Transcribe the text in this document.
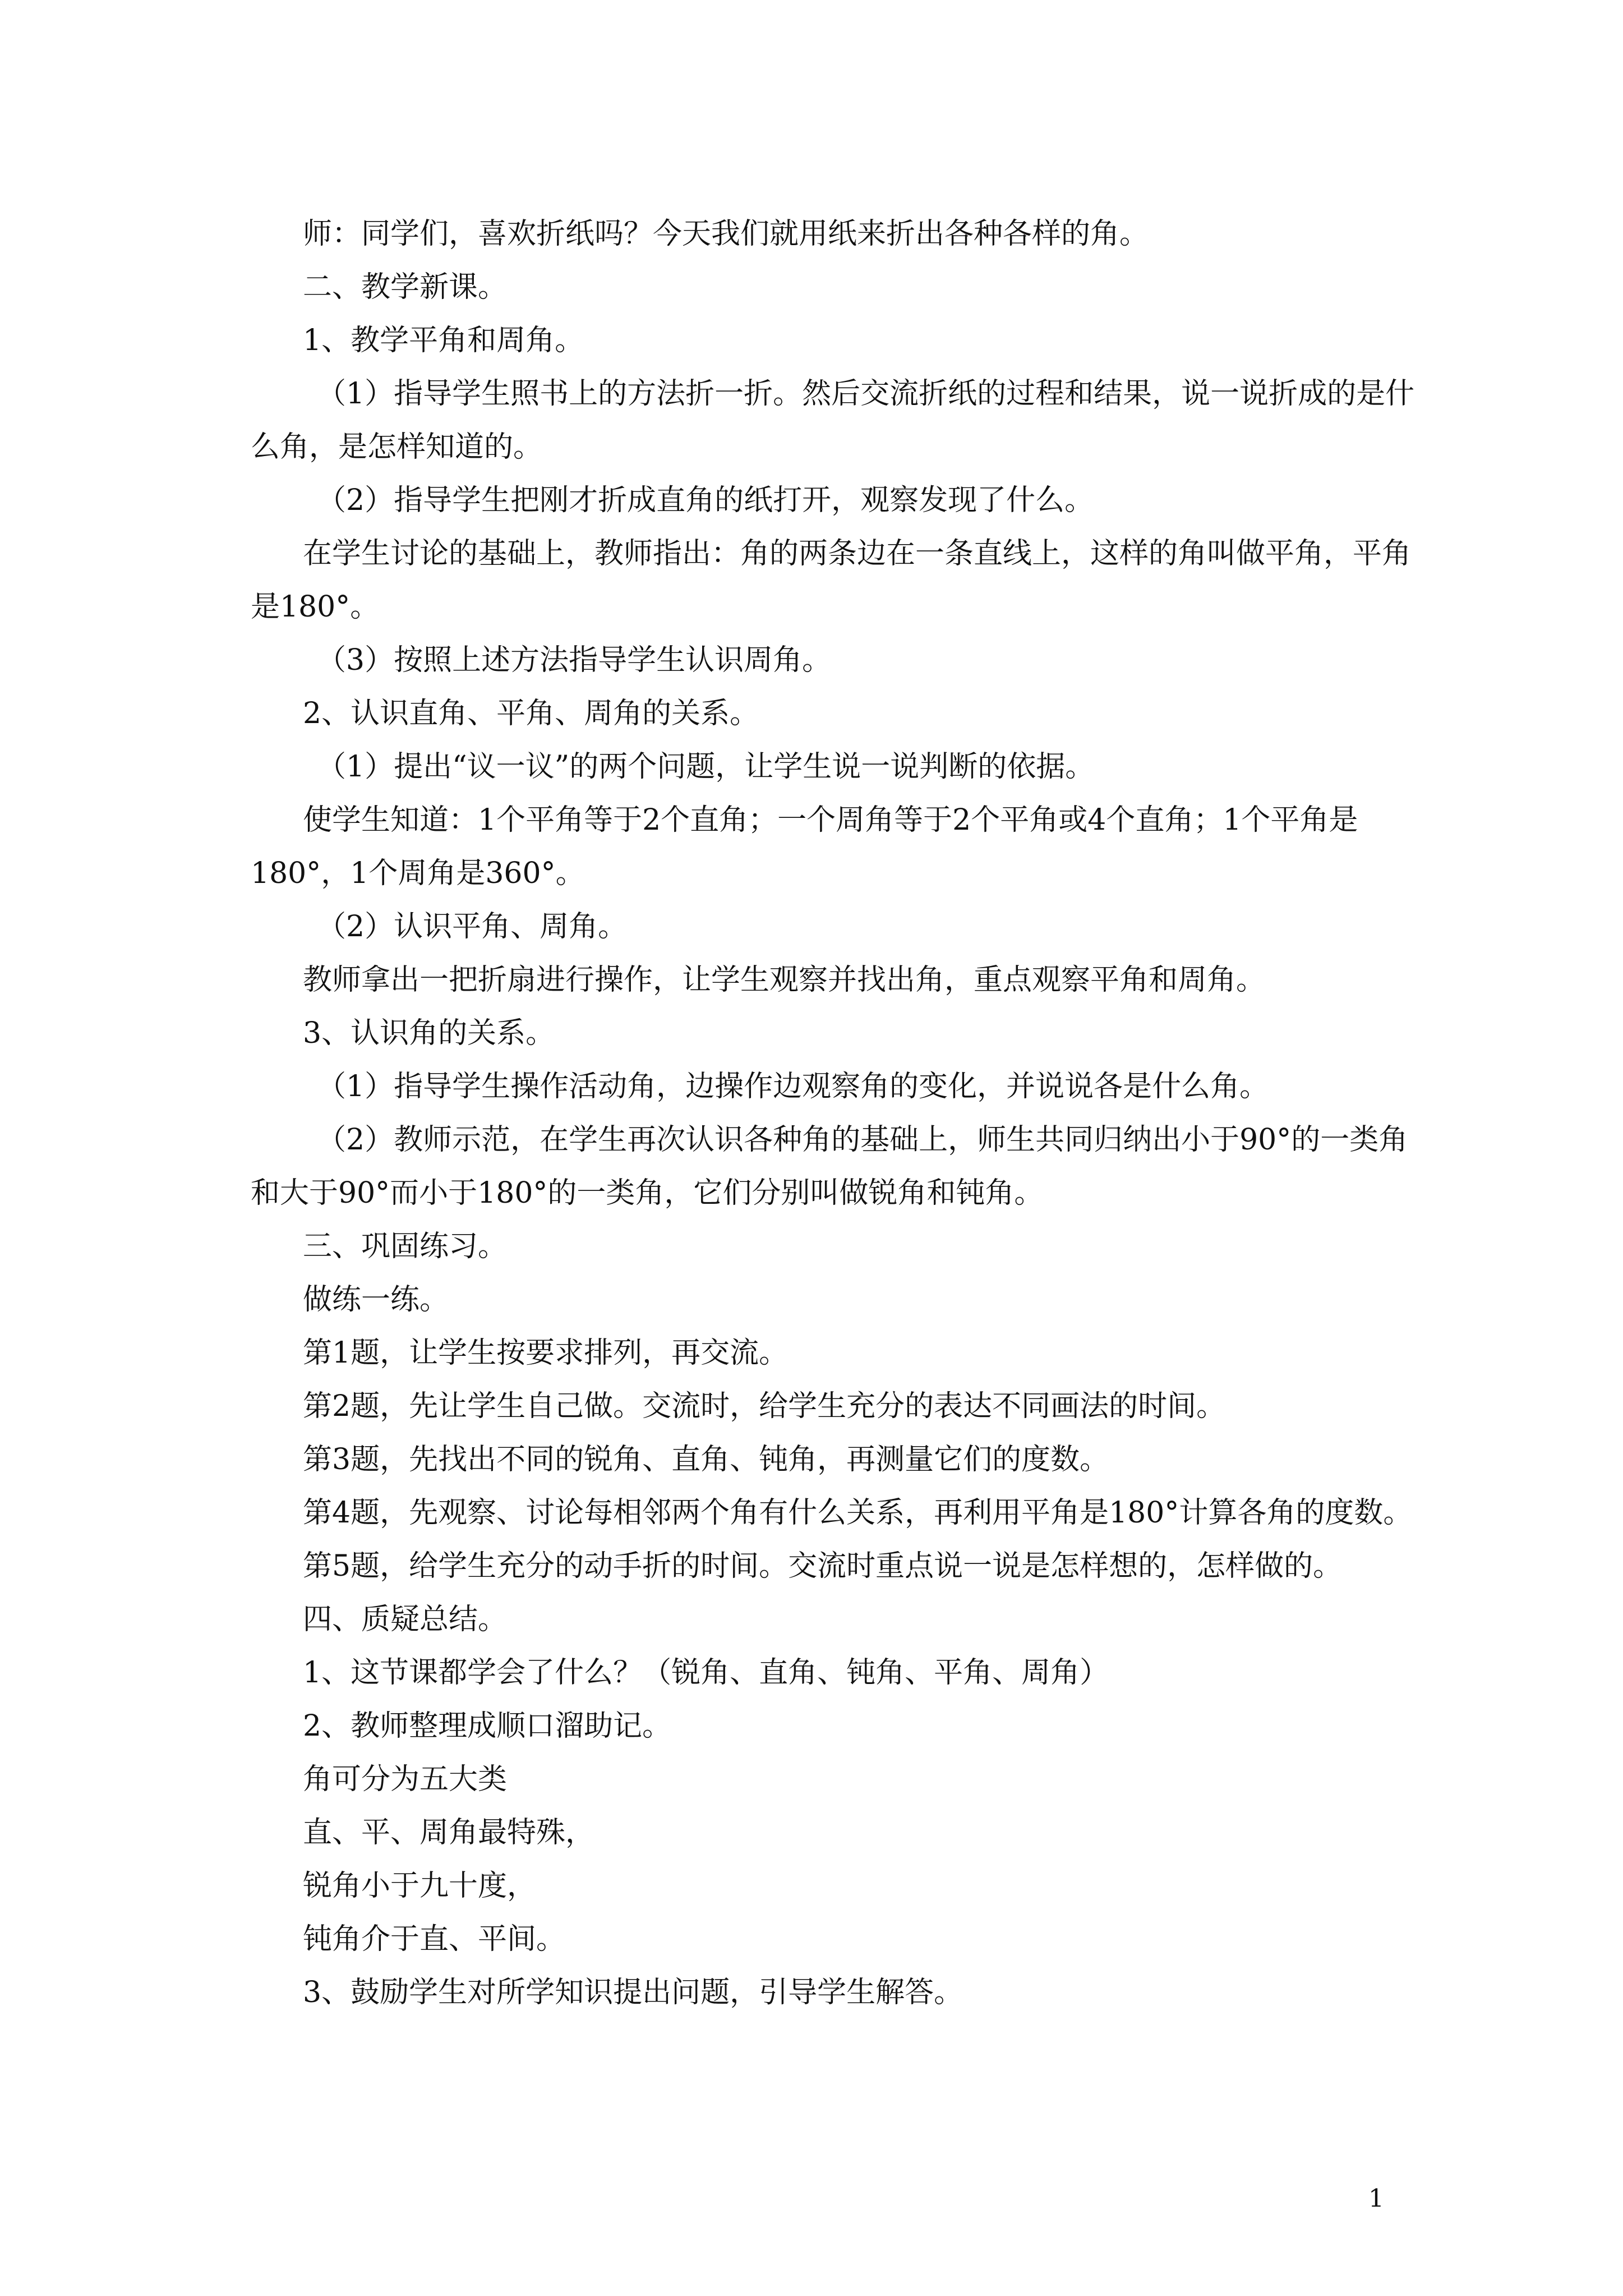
师：同学们，喜欢折纸吗？今天我们就用纸来折出各种各样的角。
二、教学新课。
1、教学平角和周角。
（1）指导学生照书上的方法折一折。然后交流折纸的过程和结果，说一说折成的是什
么角，是怎样知道的。
（2）指导学生把刚才折成直角的纸打开，观察发现了什么。
在学生讨论的基础上，教师指出：角的两条边在一条直线上，这样的角叫做平角，平角
是180°。
（3）按照上述方法指导学生认识周角。
2、认识直角、平角、周角的关系。
（1）提出“议一议”的两个问题，让学生说一说判断的依据。
使学生知道：1个平角等于2个直角；一个周角等于2个平角或4个直角；1个平角是
180°，1个周角是360°。
（2）认识平角、周角。
教师拿出一把折扇进行操作，让学生观察并找出角，重点观察平角和周角。
3、认识角的关系。
（1）指导学生操作活动角，边操作边观察角的变化，并说说各是什么角。
（2）教师示范，在学生再次认识各种角的基础上，师生共同归纳出小于90°的一类角
和大于90°而小于180°的一类角，它们分别叫做锐角和钝角。
三、巩固练习。
做练一练。
第1题，让学生按要求排列，再交流。
第2题，先让学生自己做。交流时，给学生充分的表达不同画法的时间。
第3题，先找出不同的锐角、直角、钝角，再测量它们的度数。
第4题，先观察、讨论每相邻两个角有什么关系，再利用平角是180°计算各角的度数。
第5题，给学生充分的动手折的时间。交流时重点说一说是怎样想的，怎样做的。
四、质疑总结。
1、这节课都学会了什么？（锐角、直角、钝角、平角、周角）
2、教师整理成顺口溜助记。
角可分为五大类
直、平、周角最特殊，
锐角小于九十度，
钝角介于直、平间。
3、鼓励学生对所学知识提出问题，引导学生解答。
1
